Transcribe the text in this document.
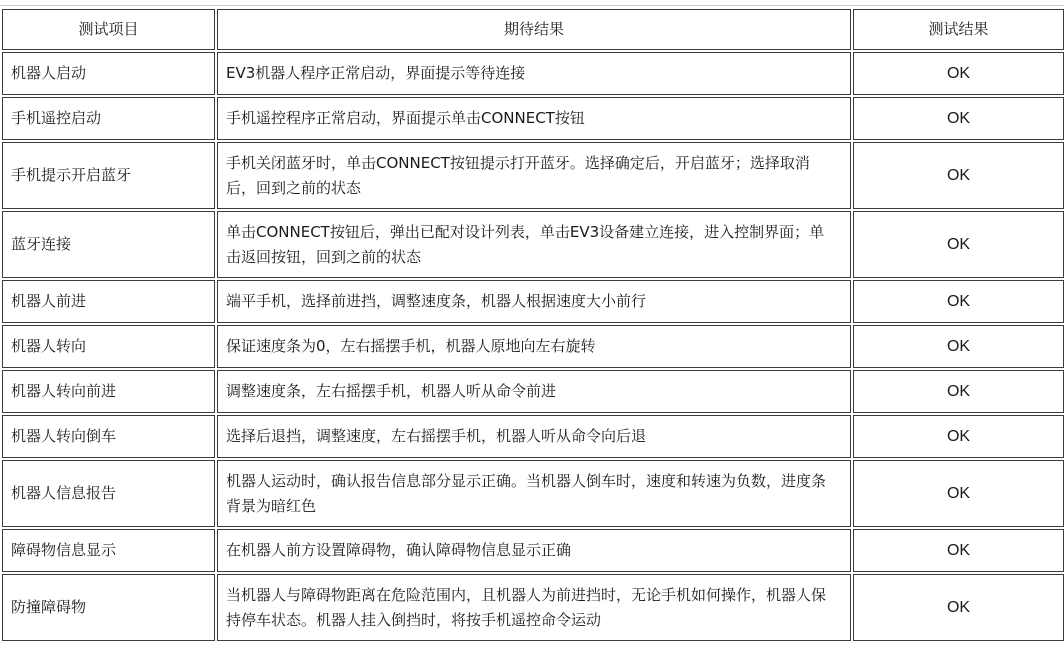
测试项目	期待结果	测试结果
机器人启动	EV3机器人程序正常启动，界面提示等待连接	OK
手机遥控启动	手机遥控程序正常启动，界面提示单击CONNECT按钮	OK
手机提示开启蓝牙	手机关闭蓝牙时，单击CONNECT按钮提示打开蓝牙。选择确定后，开启蓝牙；选择取消后，回到之前的状态	OK
蓝牙连接	单击CONNECT按钮后，弹出已配对设计列表，单击EV3设备建立连接，进入控制界面；单击返回按钮，回到之前的状态	OK
机器人前进	端平手机，选择前进挡，调整速度条，机器人根据速度大小前行	OK
机器人转向	保证速度条为0，左右摇摆手机，机器人原地向左右旋转	OK
机器人转向前进	调整速度条，左右摇摆手机，机器人听从命令前进	OK
机器人转向倒车	选择后退挡，调整速度，左右摇摆手机，机器人听从命令向后退	OK
机器人信息报告	机器人运动时，确认报告信息部分显示正确。当机器人倒车时，速度和转速为负数，进度条背景为暗红色	OK
障碍物信息显示	在机器人前方设置障碍物，确认障碍物信息显示正确	OK
防撞障碍物	当机器人与障碍物距离在危险范围内，且机器人为前进挡时，无论手机如何操作，机器人保持停车状态。机器人挂入倒挡时，将按手机遥控命令运动	OK
